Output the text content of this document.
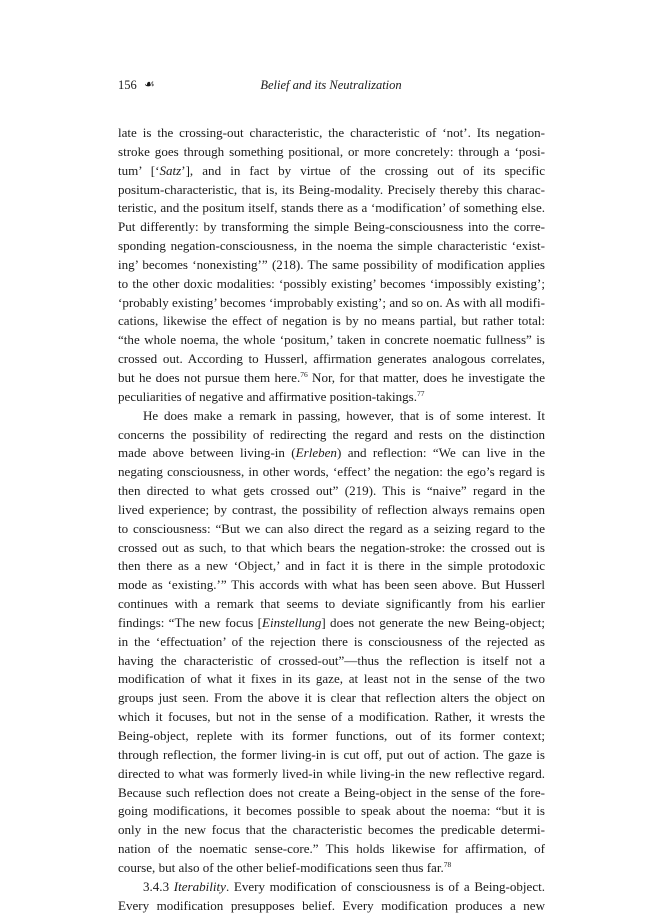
156 ☙	Belief and its Neutralization
late is the crossing-out characteristic, the characteristic of ‘not’. Its negation-
stroke goes through something positional, or more concretely: through a ‘posi-
tum’ [‘Satz’], and in fact by virtue of the crossing out of its specific
positum-characteristic, that is, its Being-modality. Precisely thereby this charac-
teristic, and the positum itself, stands there as a ‘modification’ of something else.
Put differently: by transforming the simple Being-consciousness into the corre-
sponding negation-consciousness, in the noema the simple characteristic ‘exist-
ing’ becomes ‘nonexisting’” (218). The same possibility of modification applies
to the other doxic modalities: ‘possibly existing’ becomes ‘impossibly existing’;
‘probably existing’ becomes ‘improbably existing’; and so on. As with all modifi-
cations, likewise the effect of negation is by no means partial, but rather total:
“the whole noema, the whole ‘positum,’ taken in concrete noematic fullness” is
crossed out. According to Husserl, affirmation generates analogous correlates,
but he does not pursue them here.$^{76}$ Nor, for that matter, does he investigate the
peculiarities of negative and affirmative position-takings.$^{77}$
He does make a remark in passing, however, that is of some interest. It
concerns the possibility of redirecting the regard and rests on the distinction
made above between living-in (Erleben) and reflection: “We can live in the
negating consciousness, in other words, ‘effect’ the negation: the ego’s regard is
then directed to what gets crossed out” (219). This is “naive” regard in the
lived experience; by contrast, the possibility of reflection always remains open
to consciousness: “But we can also direct the regard as a seizing regard to the
crossed out as such, to that which bears the negation-stroke: the crossed out is
then there as a new ‘Object,’ and in fact it is there in the simple protodoxic
mode as ‘existing.’” This accords with what has been seen above. But Husserl
continues with a remark that seems to deviate significantly from his earlier
findings: “The new focus [Einstellung] does not generate the new Being-object;
in the ‘effectuation’ of the rejection there is consciousness of the rejected as
having the characteristic of crossed-out”—thus the reflection is itself not a
modification of what it fixes in its gaze, at least not in the sense of the two
groups just seen. From the above it is clear that reflection alters the object on
which it focuses, but not in the sense of a modification. Rather, it wrests the
Being-object, replete with its former functions, out of its former context;
through reflection, the former living-in is cut off, put out of action. The gaze is
directed to what was formerly lived-in while living-in the new reflective regard.
Because such reflection does not create a Being-object in the sense of the fore-
going modifications, it becomes possible to speak about the noema: “but it is
only in the new focus that the characteristic becomes the predicable determi-
nation of the noematic sense-core.” This holds likewise for affirmation, of
course, but also of the other belief-modifications seen thus far.$^{78}$
3.4.3 Iterability. Every modification of consciousness is of a Being-object.
Every modification presupposes belief. Every modification produces a new
